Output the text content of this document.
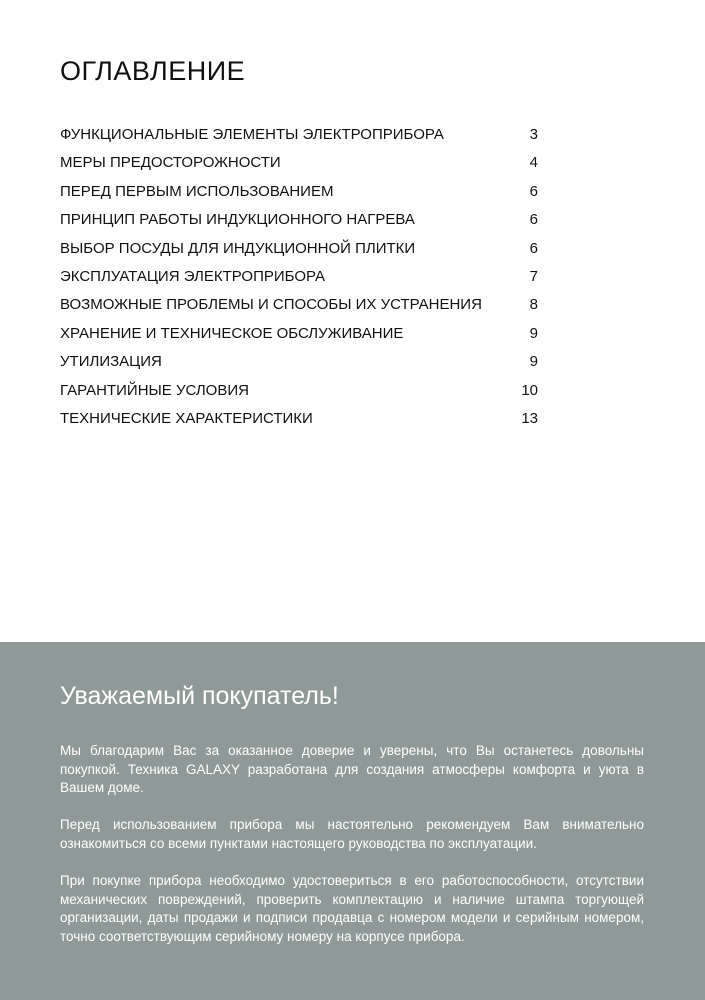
ОГЛАВЛЕНИЕ
ФУНКЦИОНАЛЬНЫЕ ЭЛЕМЕНТЫ ЭЛЕКТРОПРИБОРА	3
МЕРЫ ПРЕДОСТОРОЖНОСТИ	4
ПЕРЕД ПЕРВЫМ ИСПОЛЬЗОВАНИЕМ	6
ПРИНЦИП РАБОТЫ ИНДУКЦИОННОГО НАГРЕВА	6
ВЫБОР ПОСУДЫ ДЛЯ ИНДУКЦИОННОЙ ПЛИТКИ	6
ЭКСПЛУАТАЦИЯ ЭЛЕКТРОПРИБОРА	7
ВОЗМОЖНЫЕ ПРОБЛЕМЫ И СПОСОБЫ ИХ УСТРАНЕНИЯ	8
ХРАНЕНИЕ И ТЕХНИЧЕСКОЕ ОБСЛУЖИВАНИЕ	9
УТИЛИЗАЦИЯ	9
ГАРАНТИЙНЫЕ УСЛОВИЯ	10
ТЕХНИЧЕСКИЕ ХАРАКТЕРИСТИКИ	13
Уважаемый покупатель!

Мы благодарим Вас за оказанное доверие и уверены, что Вы останетесь довольны покупкой. Техника GALAXY разработана для создания атмосферы комфорта и уюта в Вашем доме.

Перед использованием прибора мы настоятельно рекомендуем Вам внимательно ознакомиться со всеми пунктами настоящего руководства по эксплуатации.

При покупке прибора необходимо удостовериться в его работоспособности, отсутствии механических повреждений, проверить комплектацию и наличие штампа торгующей организации, даты продажи и подписи продавца с номером модели и серийным номером, точно соответствующим серийному номеру на корпусе прибора.
